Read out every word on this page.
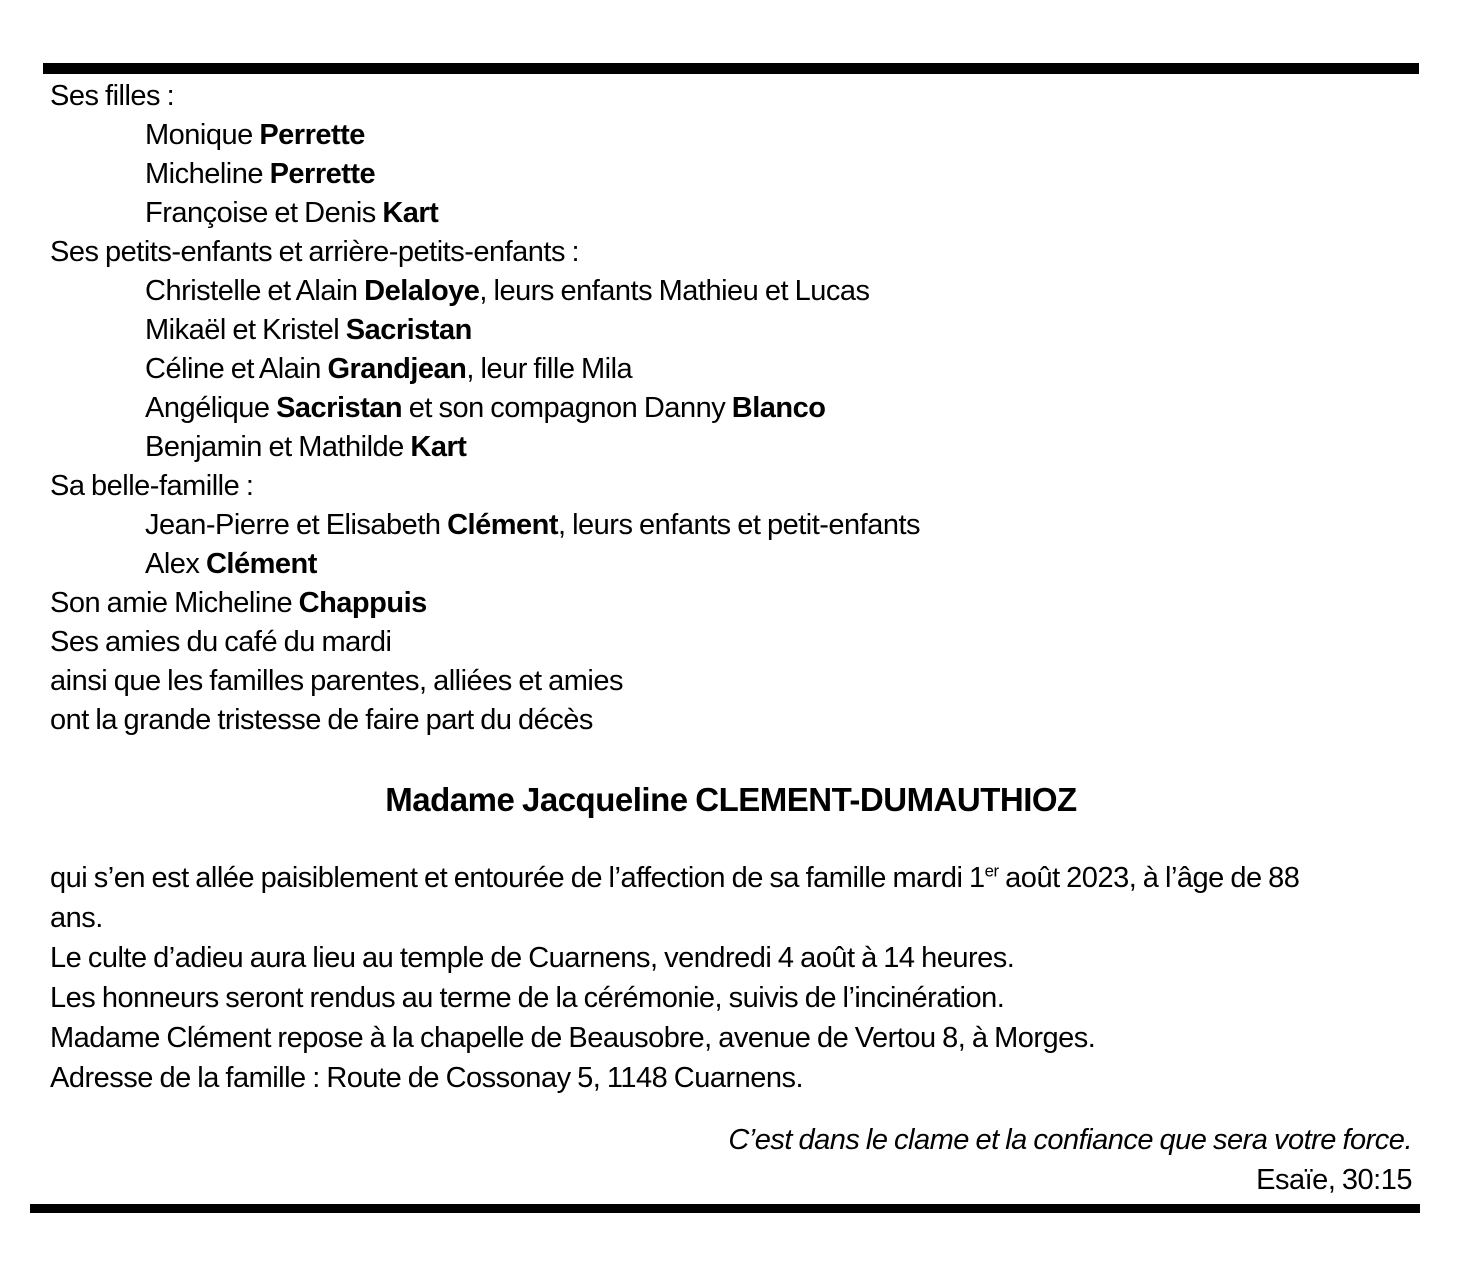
Ses filles :
Monique Perrette
Micheline Perrette
Françoise et Denis Kart
Ses petits-enfants et arrière-petits-enfants :
Christelle et Alain Delaloye, leurs enfants Mathieu et Lucas
Mikaël et Kristel Sacristan
Céline et Alain Grandjean, leur fille Mila
Angélique Sacristan et son compagnon Danny Blanco
Benjamin et Mathilde Kart
Sa belle-famille :
Jean-Pierre et Elisabeth Clément, leurs enfants et petit-enfants
Alex Clément
Son amie Micheline Chappuis
Ses amies du café du mardi
ainsi que les familles parentes, alliées et amies
ont la grande tristesse de faire part du décès
Madame Jacqueline CLEMENT-DUMAUTHIOZ
qui s’en est allée paisiblement et entourée de l’affection de sa famille mardi 1er août 2023, à l’âge de 88
ans.
Le culte d’adieu aura lieu au temple de Cuarnens, vendredi 4 août à 14 heures.
Les honneurs seront rendus au terme de la cérémonie, suivis de l’incinération.
Madame Clément repose à la chapelle de Beausobre, avenue de Vertou 8, à Morges.
Adresse de la famille : Route de Cossonay 5, 1148 Cuarnens.
C’est dans le clame et la confiance que sera votre force.
Esaïe, 30:15
